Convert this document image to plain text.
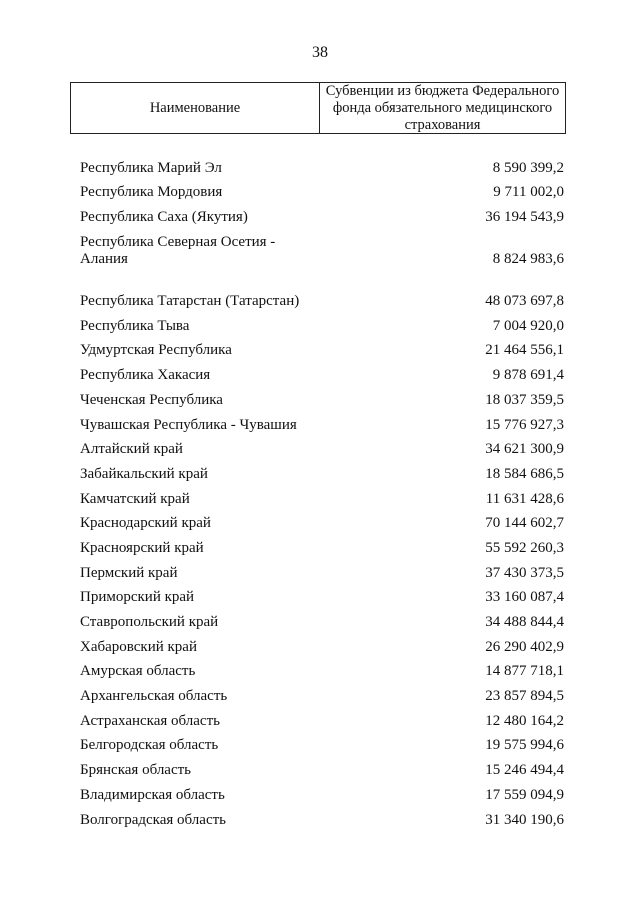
38
Наименование
Субвенции из бюджета Федерального фонда обязательного медицинского страхования
Республика Марий Эл	8 590 399,2
Республика Мордовия	9 711 002,0
Республика Саха (Якутия)	36 194 543,9
Республика Северная Осетия - Алания	8 824 983,6
Республика Татарстан (Татарстан)	48 073 697,8
Республика Тыва	7 004 920,0
Удмуртская Республика	21 464 556,1
Республика Хакасия	9 878 691,4
Чеченская Республика	18 037 359,5
Чувашская Республика - Чувашия	15 776 927,3
Алтайский край	34 621 300,9
Забайкальский край	18 584 686,5
Камчатский край	11 631 428,6
Краснодарский край	70 144 602,7
Красноярский край	55 592 260,3
Пермский край	37 430 373,5
Приморский край	33 160 087,4
Ставропольский край	34 488 844,4
Хабаровский край	26 290 402,9
Амурская область	14 877 718,1
Архангельская область	23 857 894,5
Астраханская область	12 480 164,2
Белгородская область	19 575 994,6
Брянская область	15 246 494,4
Владимирская область	17 559 094,9
Волгоградская область	31 340 190,6
